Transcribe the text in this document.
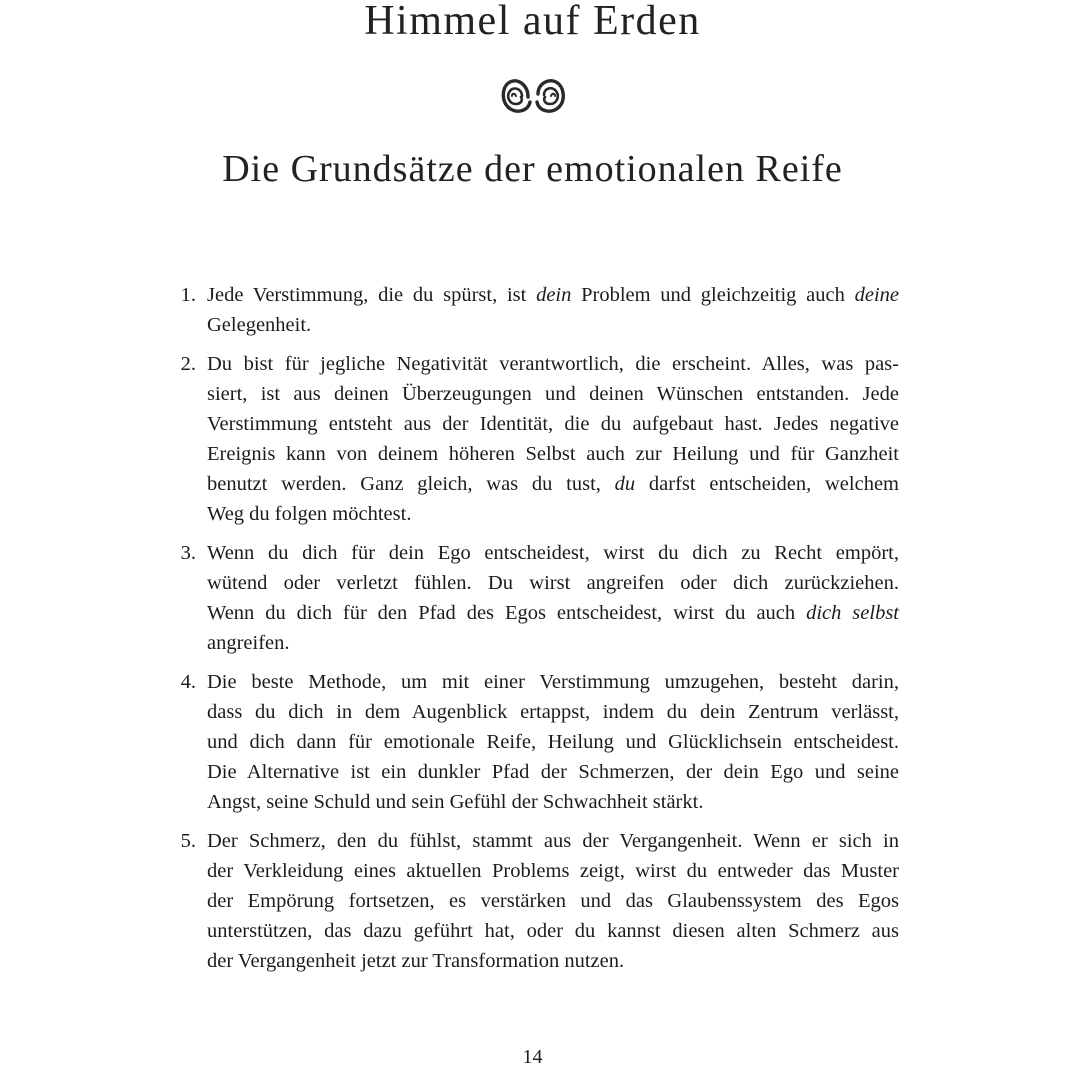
Himmel auf Erden
Die Grundsätze der emotionalen Reife
1. Jede Verstimmung, die du spürst, ist dein Problem und gleichzeitig auch deine
Gelegenheit.
2. Du bist für jegliche Negativität verantwortlich, die erscheint. Alles, was pas-
siert, ist aus deinen Überzeugungen und deinen Wünschen entstanden. Jede
Verstimmung entsteht aus der Identität, die du aufgebaut hast. Jedes negative
Ereignis kann von deinem höheren Selbst auch zur Heilung und für Ganzheit
benutzt werden. Ganz gleich, was du tust, du darfst entscheiden, welchem
Weg du folgen möchtest.
3. Wenn du dich für dein Ego entscheidest, wirst du dich zu Recht empört,
wütend oder verletzt fühlen. Du wirst angreifen oder dich zurückziehen.
Wenn du dich für den Pfad des Egos entscheidest, wirst du auch dich selbst
angreifen.
4. Die beste Methode, um mit einer Verstimmung umzugehen, besteht darin,
dass du dich in dem Augenblick ertappst, indem du dein Zentrum verlässt,
und dich dann für emotionale Reife, Heilung und Glücklichsein entscheidest.
Die Alternative ist ein dunkler Pfad der Schmerzen, der dein Ego und seine
Angst, seine Schuld und sein Gefühl der Schwachheit stärkt.
5. Der Schmerz, den du fühlst, stammt aus der Vergangenheit. Wenn er sich in
der Verkleidung eines aktuellen Problems zeigt, wirst du entweder das Muster
der Empörung fortsetzen, es verstärken und das Glaubenssystem des Egos
unterstützen, das dazu geführt hat, oder du kannst diesen alten Schmerz aus
der Vergangenheit jetzt zur Transformation nutzen.
14
